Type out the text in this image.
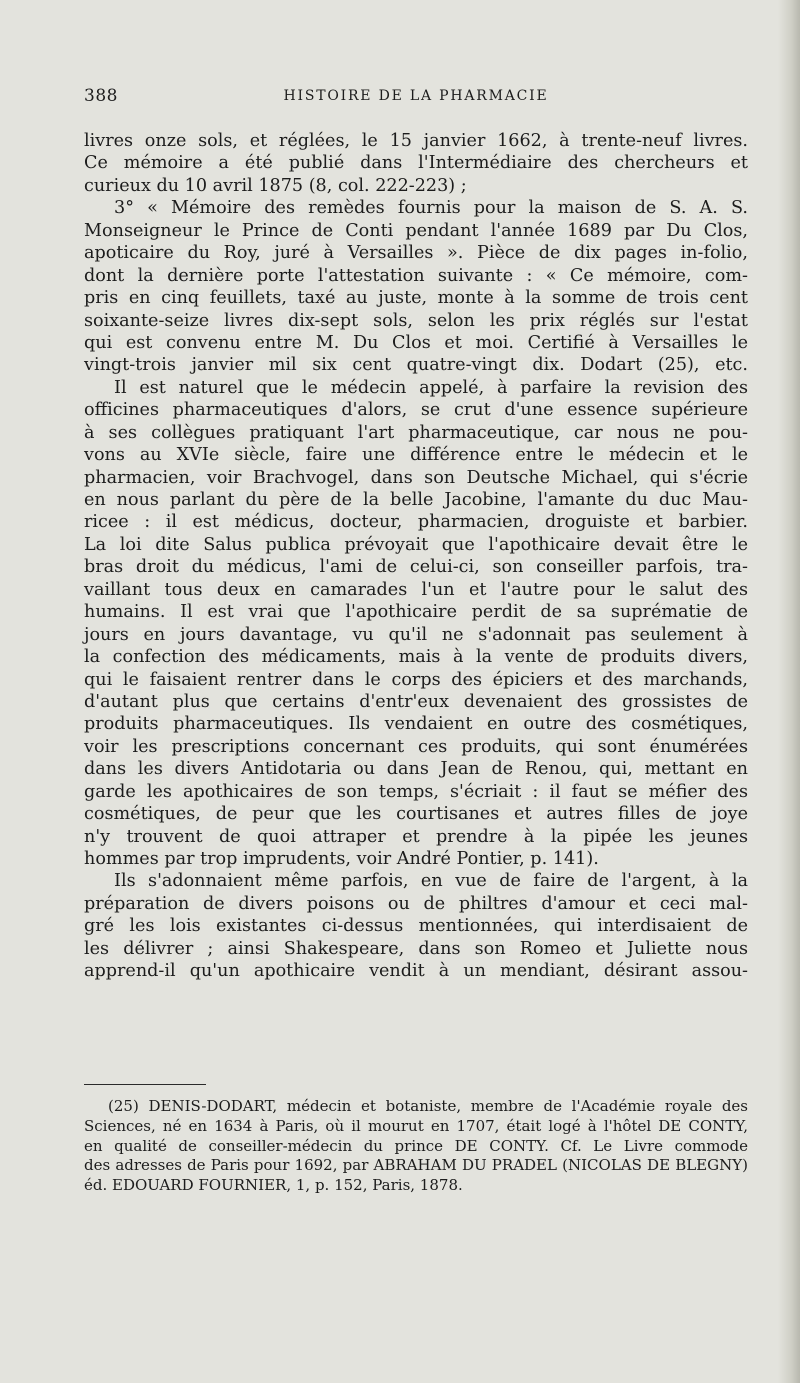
388	HISTOIRE DE LA PHARMACIE
livres onze sols, et réglées, le 15 janvier 1662, à trente-neuf livres.
Ce mémoire a été publié dans l'Intermédiaire des chercheurs et
curieux du 10 avril 1875 (8, col. 222-223) ;
3° « Mémoire des remèdes fournis pour la maison de S. A. S.
Monseigneur le Prince de Conti pendant l'année 1689 par Du Clos,
apoticaire du Roy, juré à Versailles ». Pièce de dix pages in-folio,
dont la dernière porte l'attestation suivante : « Ce mémoire, com-
pris en cinq feuillets, taxé au juste, monte à la somme de trois cent
soixante-seize livres dix-sept sols, selon les prix réglés sur l'estat
qui est convenu entre M. Du Clos et moi. Certifié à Versailles le
vingt-trois janvier mil six cent quatre-vingt dix. Dodart (25), etc.
Il est naturel que le médecin appelé, à parfaire la revision des
officines pharmaceutiques d'alors, se crut d'une essence supérieure
à ses collègues pratiquant l'art pharmaceutique, car nous ne pou-
vons au XVIe siècle, faire une différence entre le médecin et le
pharmacien, voir Brachvogel, dans son Deutsche Michael, qui s'écrie
en nous parlant du père de la belle Jacobine, l'amante du duc Mau-
ricee : il est médicus, docteur, pharmacien, droguiste et barbier.
La loi dite Salus publica prévoyait que l'apothicaire devait être le
bras droit du médicus, l'ami de celui-ci, son conseiller parfois, tra-
vaillant tous deux en camarades l'un et l'autre pour le salut des
humains. Il est vrai que l'apothicaire perdit de sa suprématie de
jours en jours davantage, vu qu'il ne s'adonnait pas seulement à
la confection des médicaments, mais à la vente de produits divers,
qui le faisaient rentrer dans le corps des épiciers et des marchands,
d'autant plus que certains d'entr'eux devenaient des grossistes de
produits pharmaceutiques. Ils vendaient en outre des cosmétiques,
voir les prescriptions concernant ces produits, qui sont énumérées
dans les divers Antidotaria ou dans Jean de Renou, qui, mettant en
garde les apothicaires de son temps, s'écriait : il faut se méfier des
cosmétiques, de peur que les courtisanes et autres filles de joye
n'y trouvent de quoi attraper et prendre à la pipée les jeunes
hommes par trop imprudents, voir André Pontier, p. 141).
Ils s'adonnaient même parfois, en vue de faire de l'argent, à la
préparation de divers poisons ou de philtres d'amour et ceci mal-
gré les lois existantes ci-dessus mentionnées, qui interdisaient de
les délivrer ; ainsi Shakespeare, dans son Romeo et Juliette nous
apprend-il qu'un apothicaire vendit à un mendiant, désirant assou-
(25) DENIS-DODART, médecin et botaniste, membre de l'Académie royale des
Sciences, né en 1634 à Paris, où il mourut en 1707, était logé à l'hôtel DE CONTY,
en qualité de conseiller-médecin du prince DE CONTY. Cf. Le Livre commode
des adresses de Paris pour 1692, par ABRAHAM DU PRADEL (NICOLAS DE BLEGNY)
éd. EDOUARD FOURNIER, 1, p. 152, Paris, 1878.
